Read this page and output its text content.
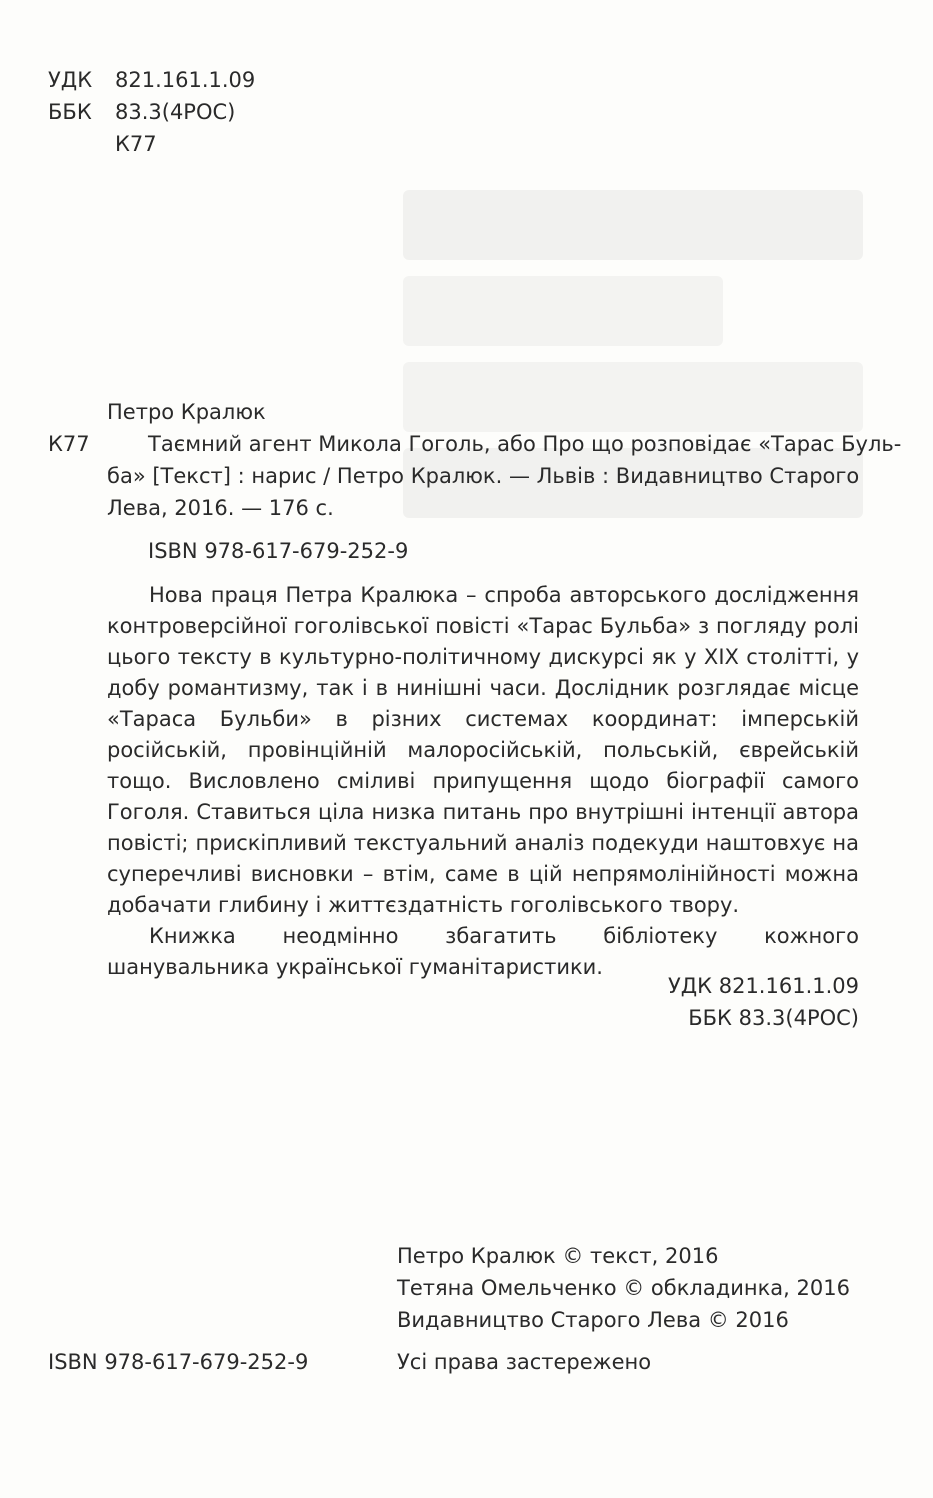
УДК	821.161.1.09
ББК	83.3(4РОС)
К77
Петро Кралюк
К77	Таємний агент Микола Гоголь, або Про що розповідає «Тарас Буль-
ба» [Текст] : нарис / Петро Кралюк. — Львів : Видавництво Старого
Лева, 2016. — 176 с.
ISBN 978-617-679-252-9

Нова праця Петра Кралюка – спроба авторського дослідження контроверсійної гоголівської повісті «Тарас Бульба» з погляду ролі цього тексту в культурно-політичному дискурсі як у XIX столітті, у добу романтизму, так і в нинішні часи. Дослідник розглядає місце «Тараса Бульби» в різних системах координат: імперській російській, провінційній малоросійській, польській, єврейській тощо. Висловлено сміливі припущення щодо біографії самого Гоголя. Ставиться ціла низка питань про внутрішні інтенції автора повісті; прискіпливий текстуальний аналіз подекуди наштовхує на суперечливі висновки – втім, саме в цій непрямолінійності можна добачати глибину і життєздатність гоголівського твору.

Книжка неодмінно збагатить бібліотеку кожного шанувальника української гуманітаристики.

УДК 821.161.1.09
ББК 83.3(4РОС)
Петро Кралюк © текст, 2016
Тетяна Омельченко © обкладинка, 2016
Видавництво Старого Лева © 2016
ISBN 978-617-679-252-9	Усі права застережено
